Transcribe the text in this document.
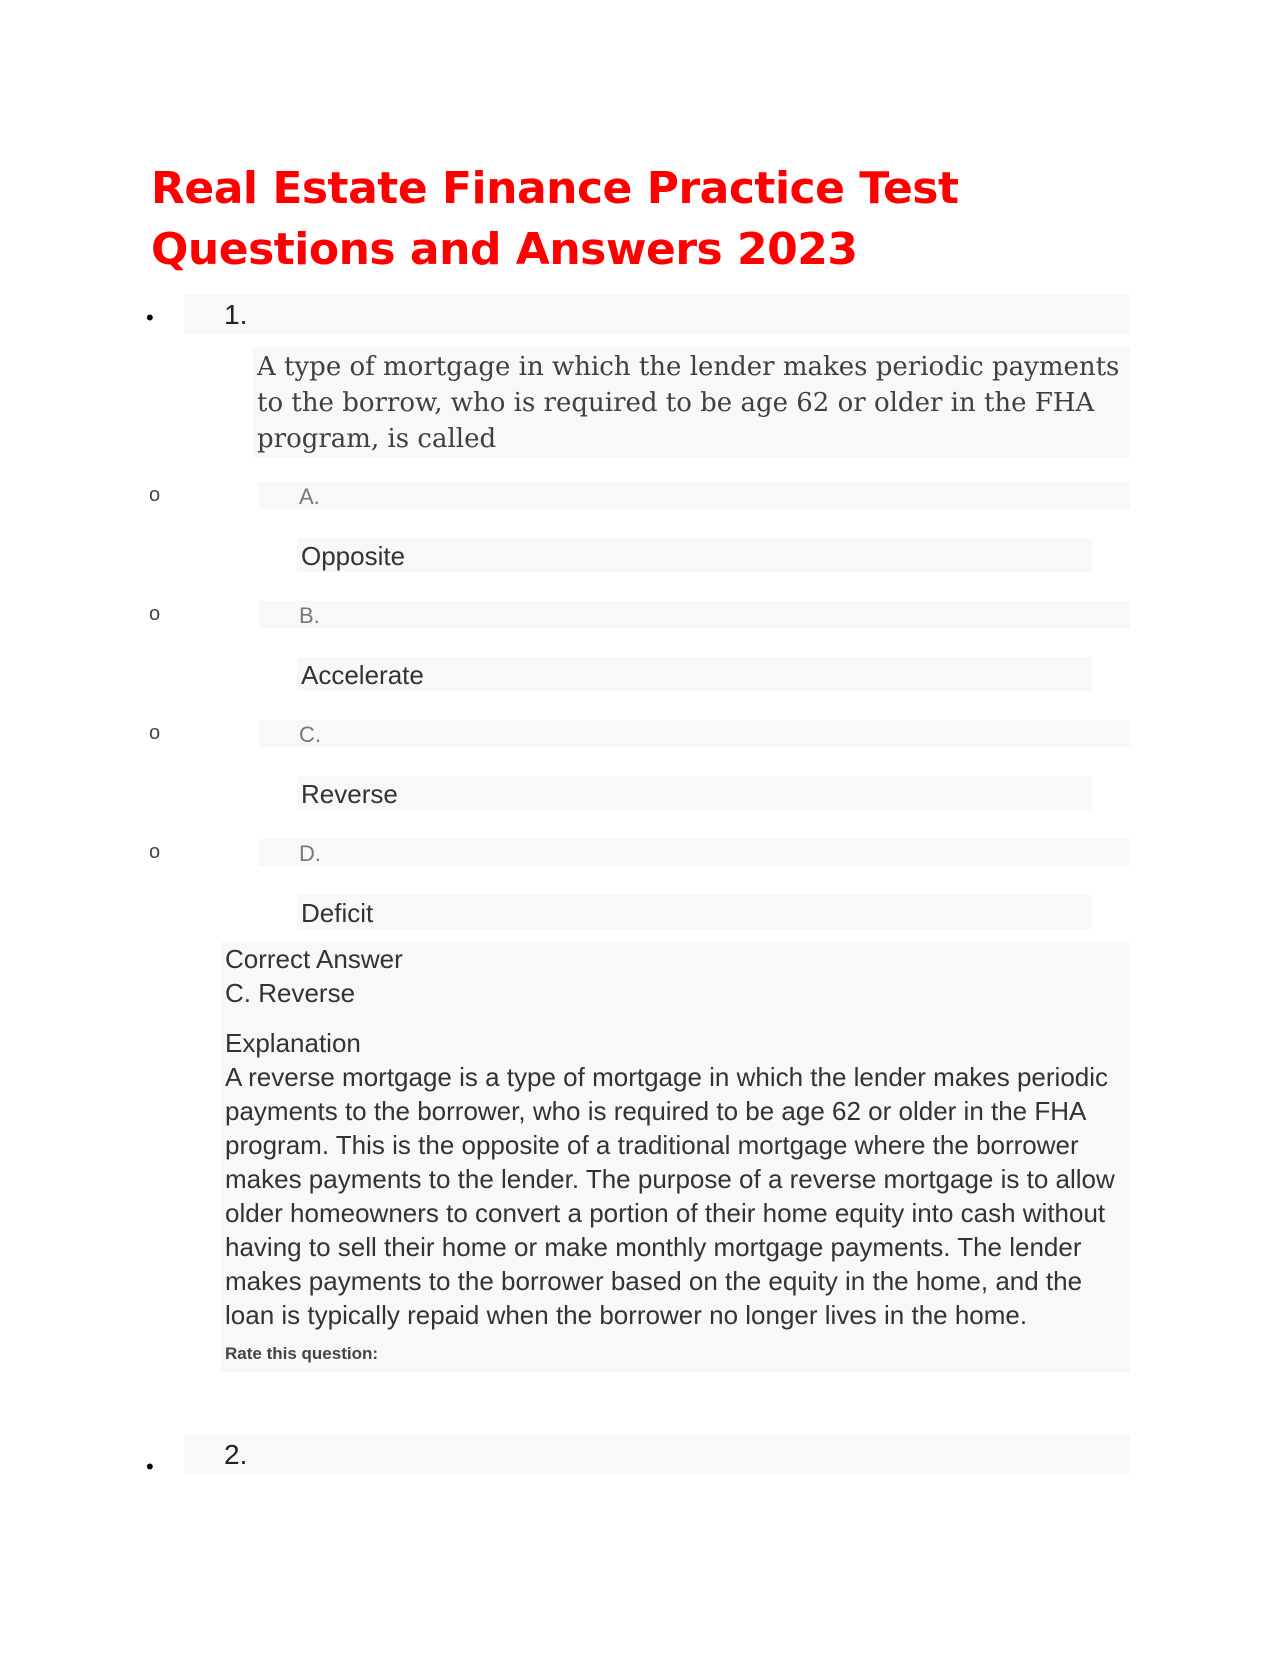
Real Estate Finance Practice Test Questions and Answers 2023
•	1.
A type of mortgage in which the lender makes periodic payments to the borrow, who is required to be age 62 or older in the FHA program, is called
o	A.
Opposite
o	B.
Accelerate
o	C.
Reverse
o	D.
Deficit
Correct Answer
C. Reverse
Explanation
A reverse mortgage is a type of mortgage in which the lender makes periodic payments to the borrower, who is required to be age 62 or older in the FHA program. This is the opposite of a traditional mortgage where the borrower makes payments to the lender. The purpose of a reverse mortgage is to allow older homeowners to convert a portion of their home equity into cash without having to sell their home or make monthly mortgage payments. The lender makes payments to the borrower based on the equity in the home, and the loan is typically repaid when the borrower no longer lives in the home.
Rate this question:
•	2.
